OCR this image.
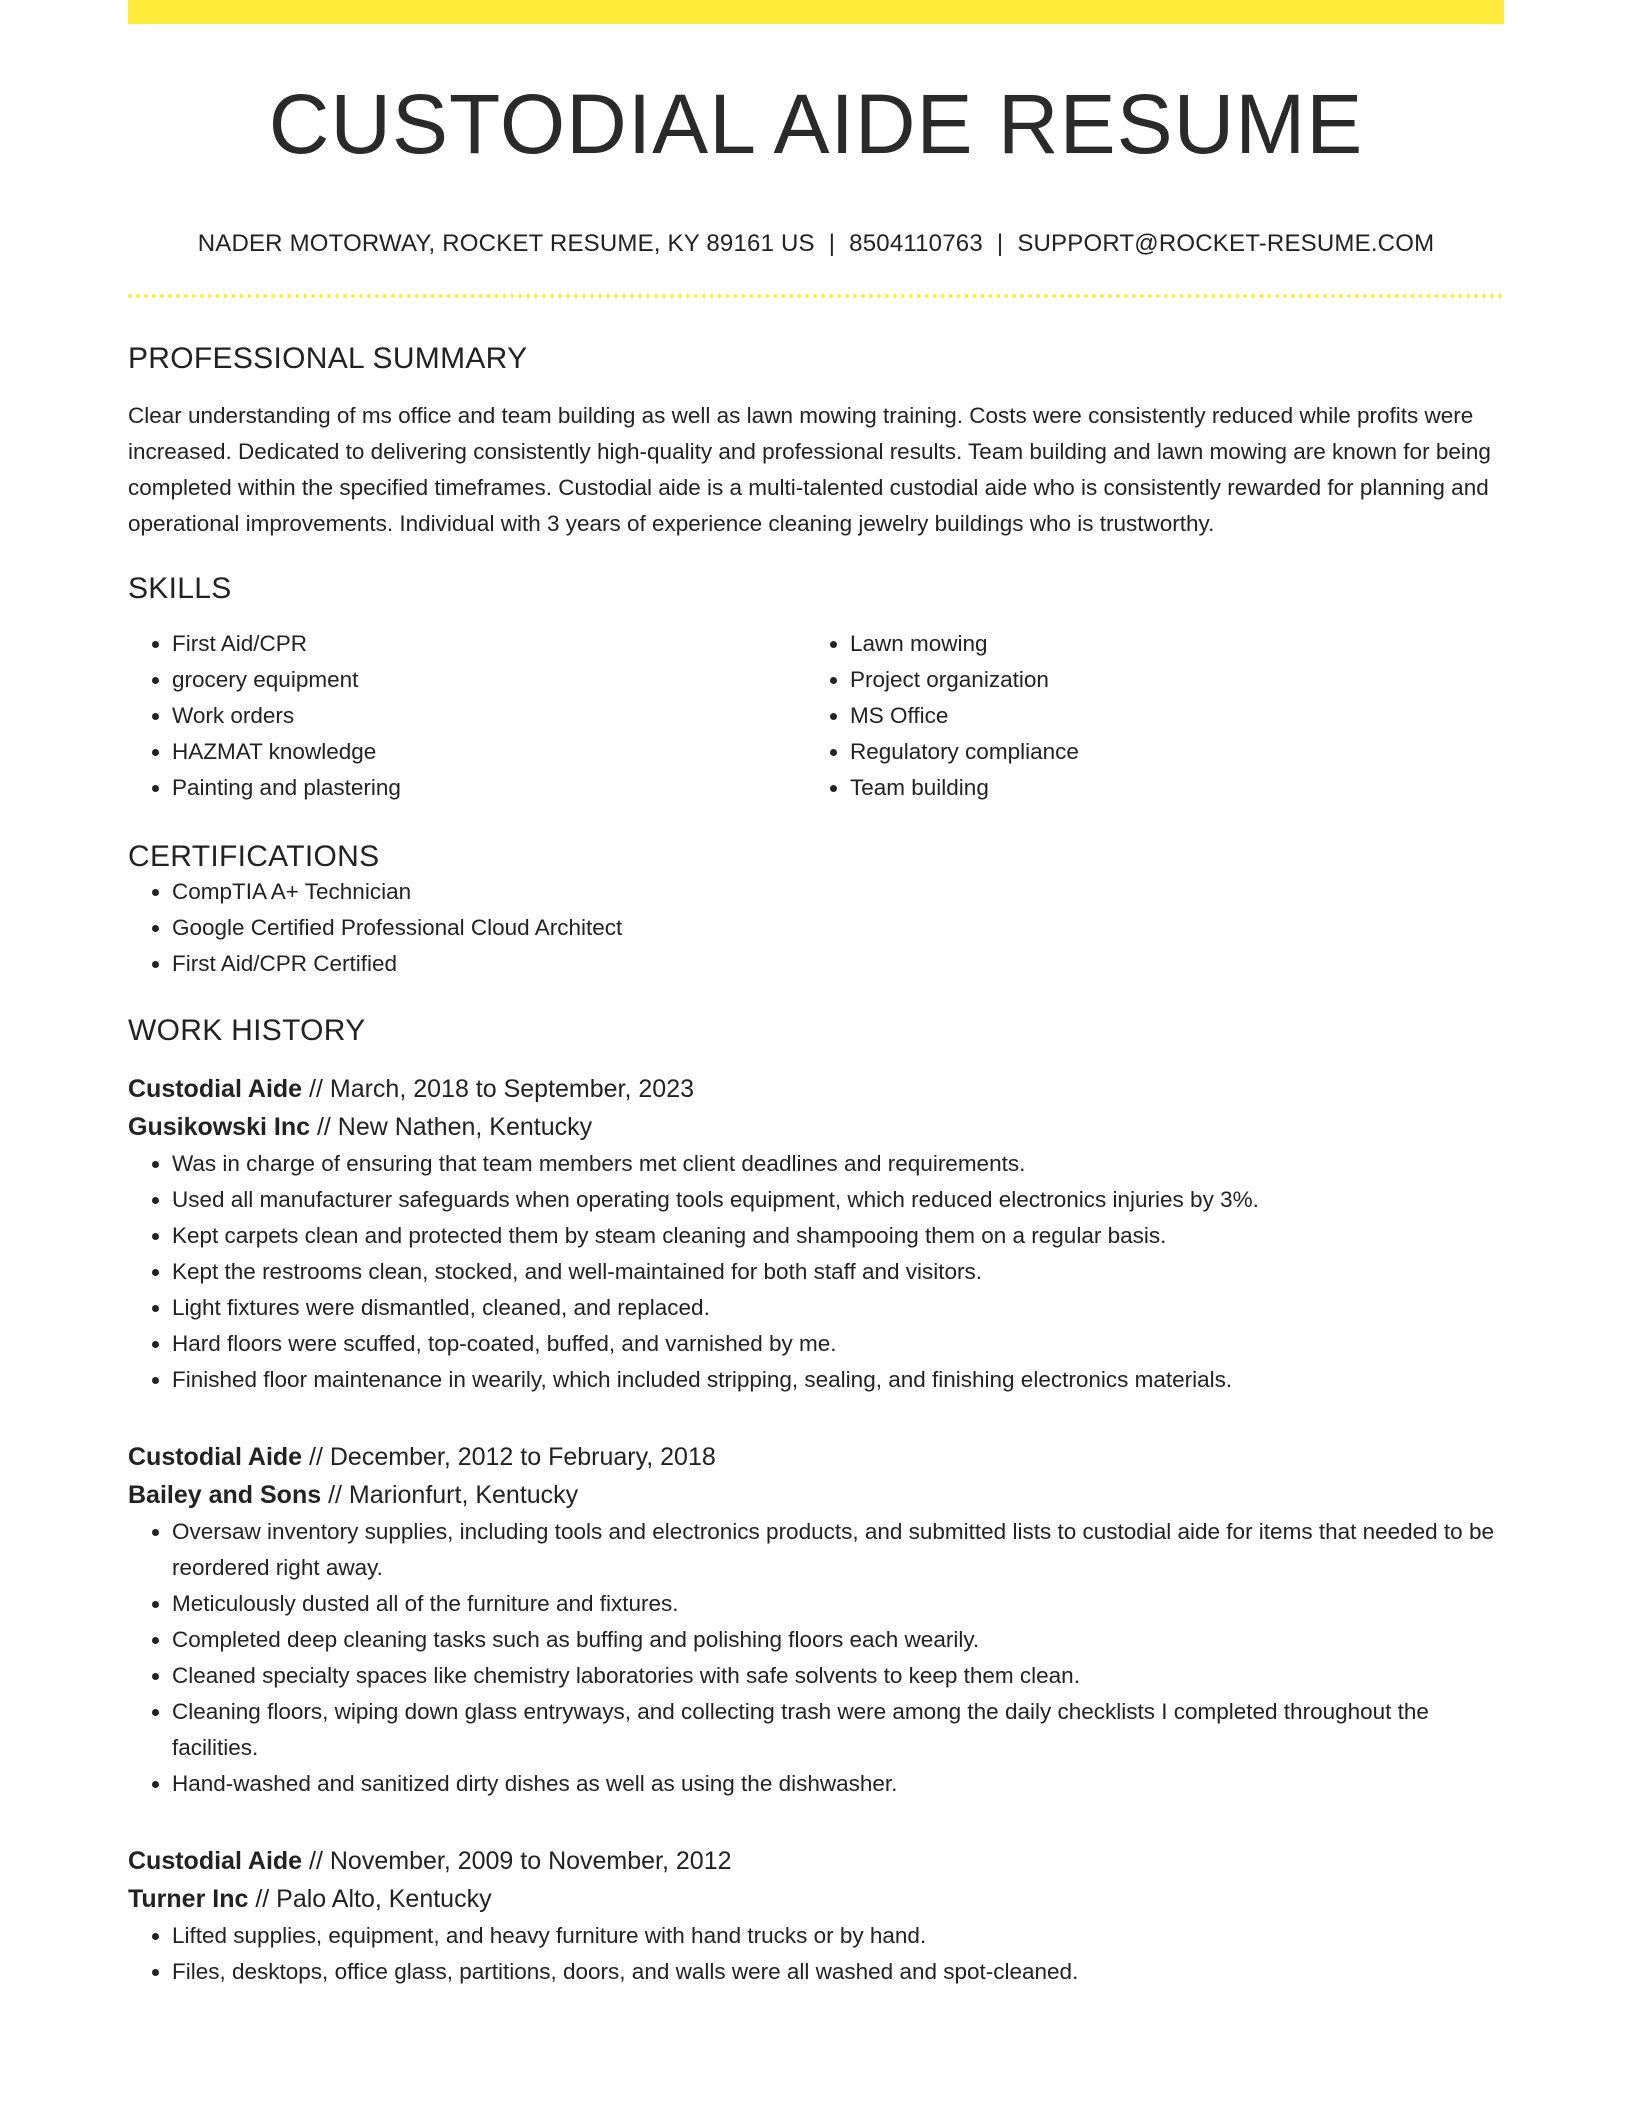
CUSTODIAL AIDE RESUME
NADER MOTORWAY, ROCKET RESUME, KY 89161 US | 8504110763 | SUPPORT@ROCKET-RESUME.COM
PROFESSIONAL SUMMARY
Clear understanding of ms office and team building as well as lawn mowing training. Costs were consistently reduced while profits were increased. Dedicated to delivering consistently high-quality and professional results. Team building and lawn mowing are known for being completed within the specified timeframes. Custodial aide is a multi-talented custodial aide who is consistently rewarded for planning and operational improvements. Individual with 3 years of experience cleaning jewelry buildings who is trustworthy.
SKILLS
• First Aid/CPR
• grocery equipment
• Work orders
• HAZMAT knowledge
• Painting and plastering
• Lawn mowing
• Project organization
• MS Office
• Regulatory compliance
• Team building
CERTIFICATIONS
• CompTIA A+ Technician
• Google Certified Professional Cloud Architect
• First Aid/CPR Certified
WORK HISTORY
Custodial Aide // March, 2018 to September, 2023
Gusikowski Inc // New Nathen, Kentucky
• Was in charge of ensuring that team members met client deadlines and requirements.
• Used all manufacturer safeguards when operating tools equipment, which reduced electronics injuries by 3%.
• Kept carpets clean and protected them by steam cleaning and shampooing them on a regular basis.
• Kept the restrooms clean, stocked, and well-maintained for both staff and visitors.
• Light fixtures were dismantled, cleaned, and replaced.
• Hard floors were scuffed, top-coated, buffed, and varnished by me.
• Finished floor maintenance in wearily, which included stripping, sealing, and finishing electronics materials.
Custodial Aide // December, 2012 to February, 2018
Bailey and Sons // Marionfurt, Kentucky
• Oversaw inventory supplies, including tools and electronics products, and submitted lists to custodial aide for items that needed to be reordered right away.
• Meticulously dusted all of the furniture and fixtures.
• Completed deep cleaning tasks such as buffing and polishing floors each wearily.
• Cleaned specialty spaces like chemistry laboratories with safe solvents to keep them clean.
• Cleaning floors, wiping down glass entryways, and collecting trash were among the daily checklists I completed throughout the facilities.
• Hand-washed and sanitized dirty dishes as well as using the dishwasher.
Custodial Aide // November, 2009 to November, 2012
Turner Inc // Palo Alto, Kentucky
• Lifted supplies, equipment, and heavy furniture with hand trucks or by hand.
• Files, desktops, office glass, partitions, doors, and walls were all washed and spot-cleaned.
